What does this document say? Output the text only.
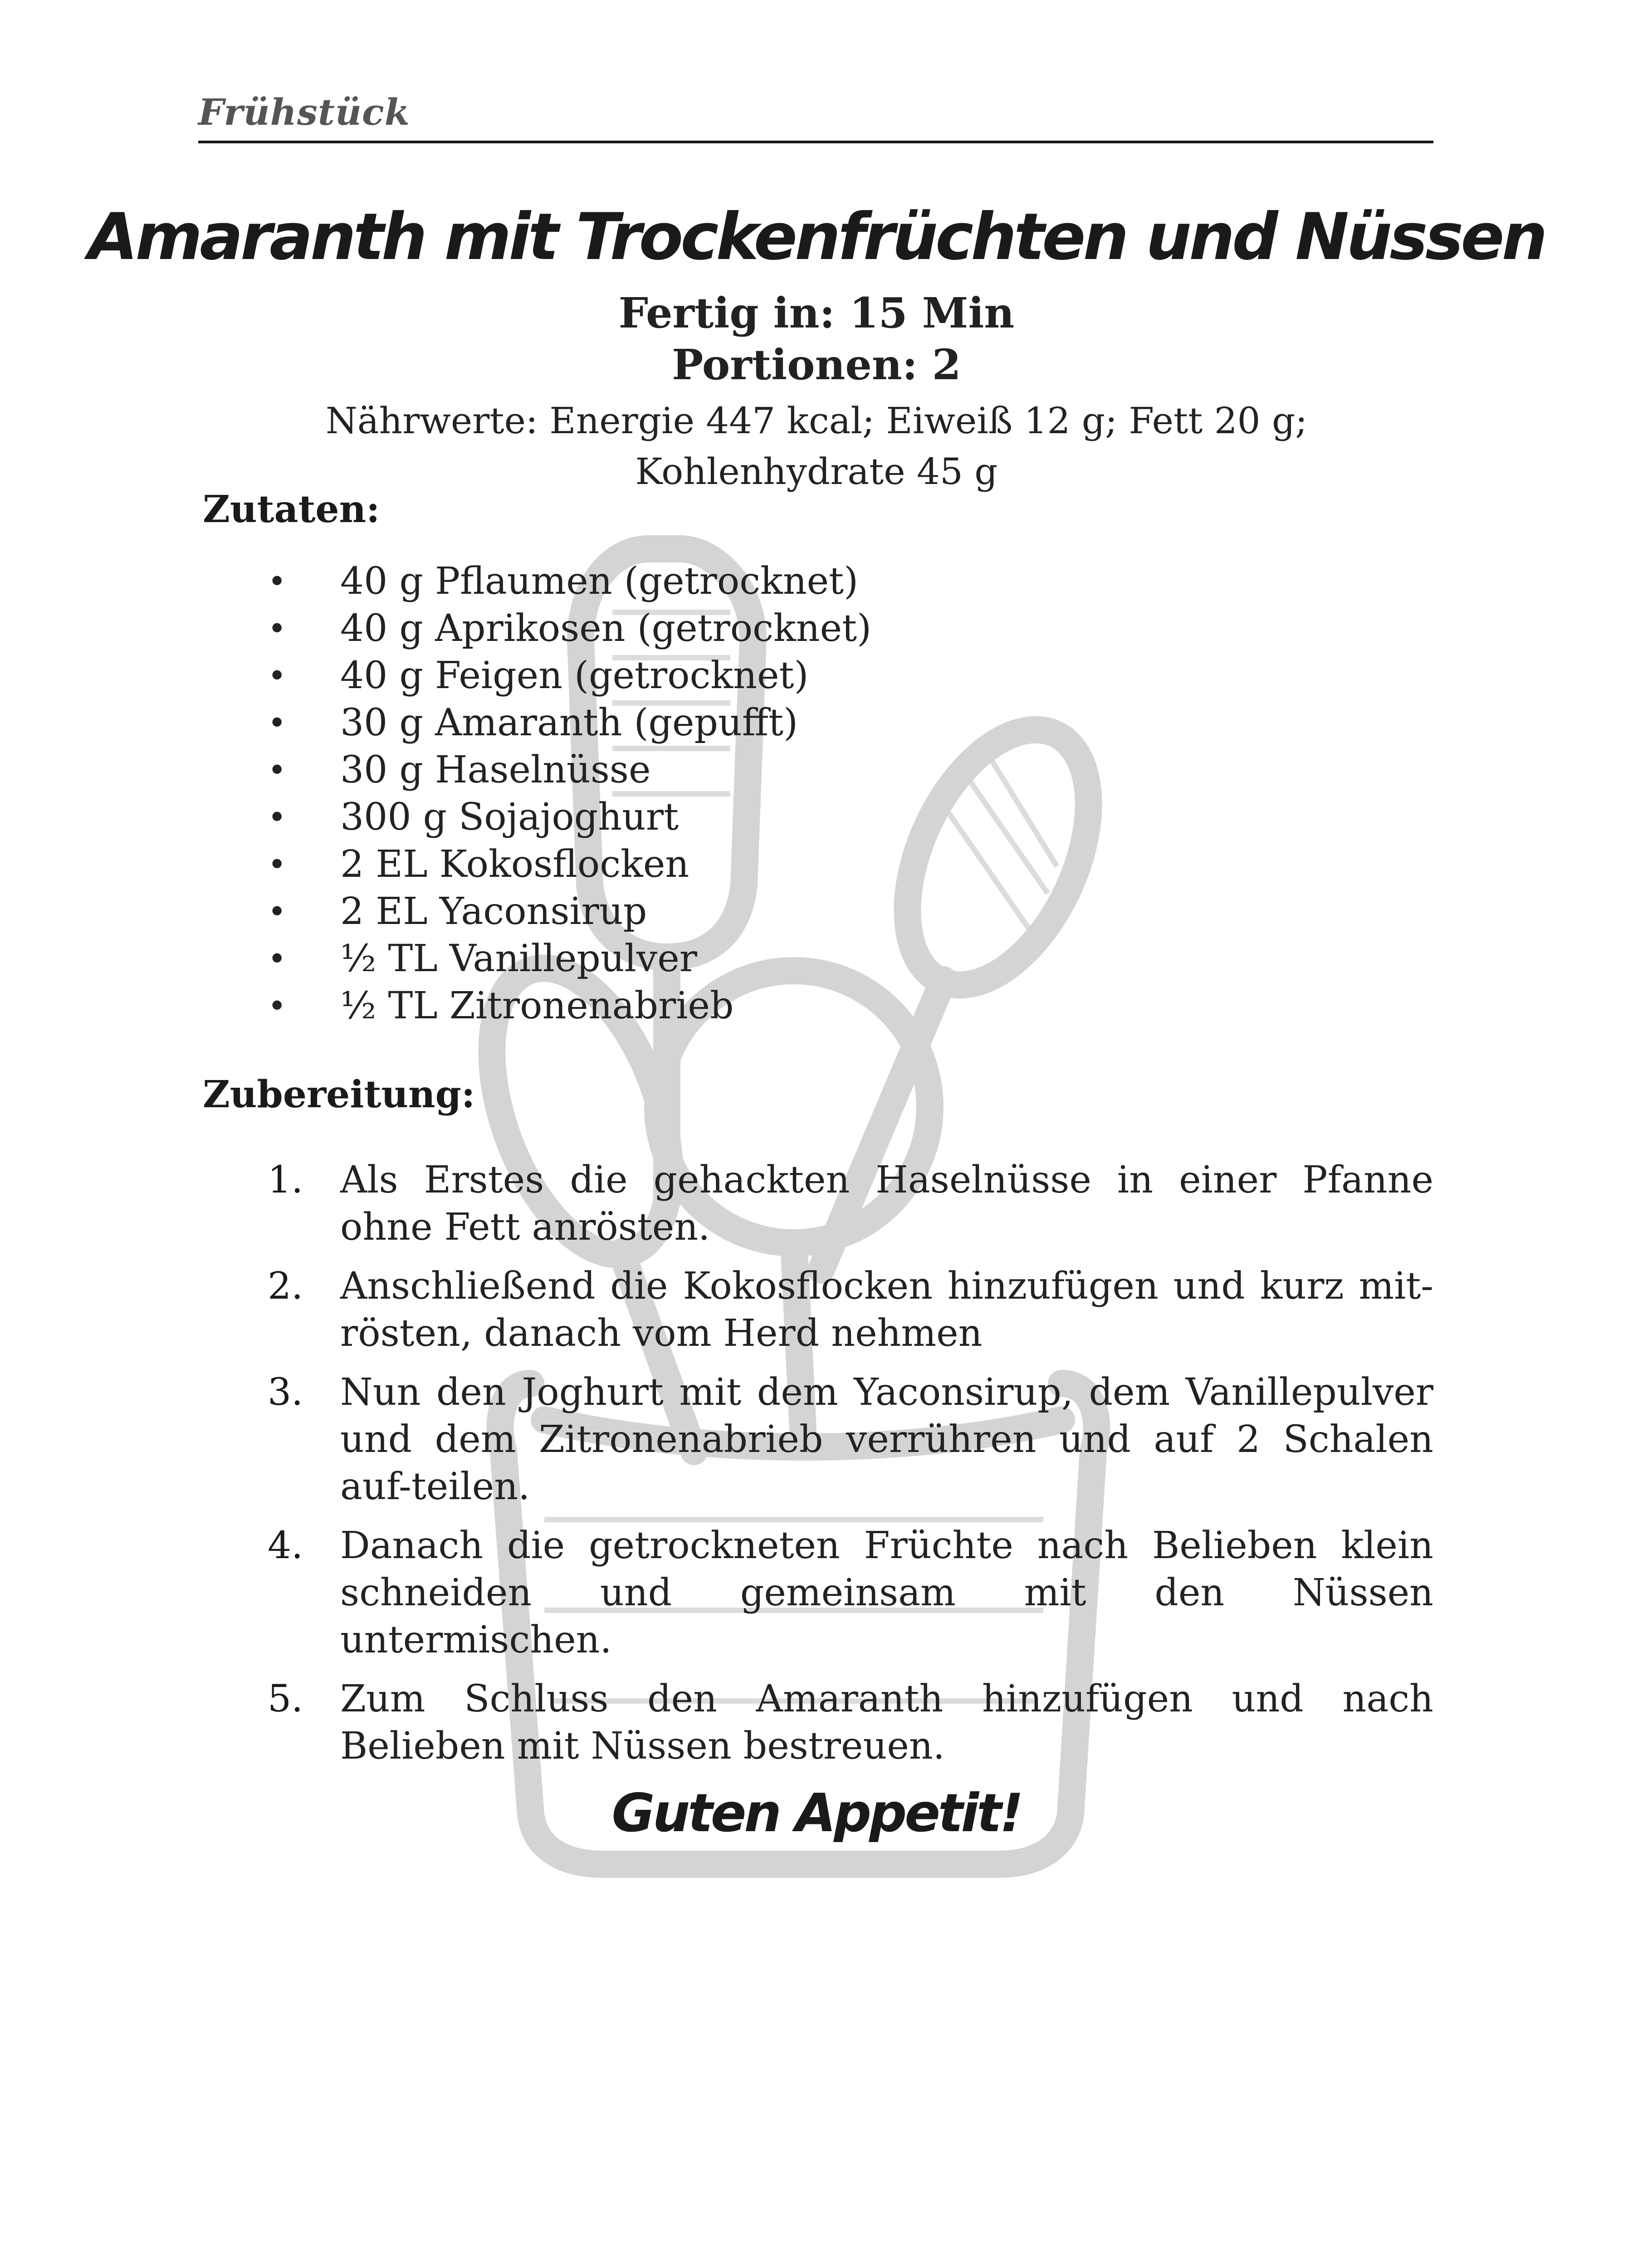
Frühstück
Amaranth mit Trockenfrüchten und Nüssen
Fertig in: 15 Min
Portionen: 2
Nährwerte: Energie 447 kcal; Eiweiß 12 g; Fett 20 g;
Kohlenhydrate 45 g
Zutaten:
• 40 g Pflaumen (getrocknet)
• 40 g Aprikosen (getrocknet)
• 40 g Feigen (getrocknet)
• 30 g Amaranth (gepufft)
• 30 g Haselnüsse
• 300 g Sojajoghurt
• 2 EL Kokosflocken
• 2 EL Yaconsirup
• ½ TL Vanillepulver
• ½ TL Zitronenabrieb
Zubereitung:
1. Als Erstes die gehackten Haselnüsse in einer Pfanne ohne Fett anrösten.
2. Anschließend die Kokosflocken hinzufügen und kurz mit-rösten, danach vom Herd nehmen
3. Nun den Joghurt mit dem Yaconsirup, dem Vanillepulver und dem Zitronenabrieb verrühren und auf 2 Schalen auf-teilen.
4. Danach die getrockneten Früchte nach Belieben klein schneiden und gemeinsam mit den Nüssen untermischen.
5. Zum Schluss den Amaranth hinzufügen und nach Belieben mit Nüssen bestreuen.
Guten Appetit!
